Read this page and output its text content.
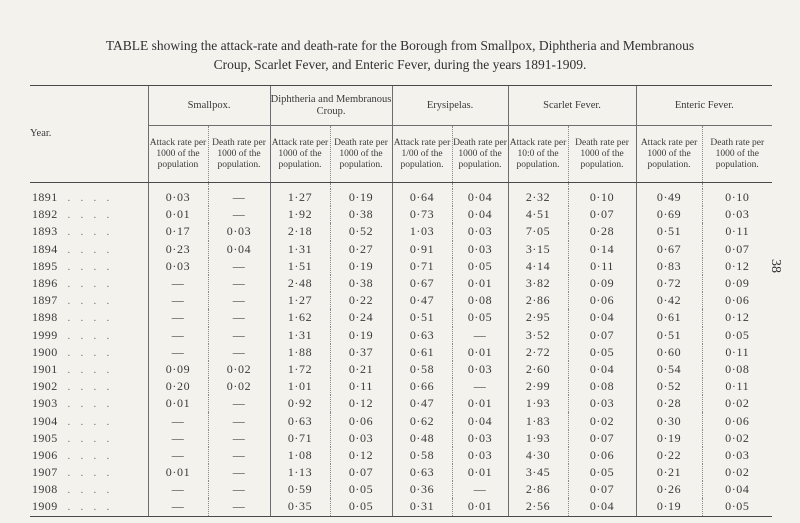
TABLE showing the attack-rate and death-rate for the Borough from Smallpox, Diphtheria and Membranous
Croup, Scarlet Fever, and Enteric Fever, during the years 1891-1909.
38
Year.	Smallpox.		Diphtheria and Membranous Croup.		Erysipelas.		Scarlet Fever.		Enteric Fever.	
	Attack rate per 1000 of the population	Death rate per 1000 of the population.	Attack rate per 1000 of the population.	Death rate per 1000 of the population.	Attack rate per 1/00 of the population.	Death rate per 1000 of the population.	Attack rate per 10:0 of the population.	Death rate per 1000 of the population.	Attack rate per 1000 of the population.	Death rate per 1000 of the population.

1891 . . . .	0·03	—	1·27	0·19	0·64	0·04	2·32	0·10	0·49	0·10
1892 . . . .	0·01	—	1·92	0·38	0·73	0·04	4·51	0·07	0·69	0·03
1893 . . . .	0·17	0·03	2·18	0·52	1·03	0·03	7·05	0·28	0·51	0·11
1894 . . . .	0·23	0·04	1·31	0·27	0·91	0·03	3·15	0·14	0·67	0·07
1895 . . . .	0·03	—	1·51	0·19	0·71	0·05	4·14	0·11	0·83	0·12
1896 . . . .	—	—	2·48	0·38	0·67	0·01	3·82	0·09	0·72	0·09
1897 . . . .	—	—	1·27	0·22	0·47	0·08	2·86	0·06	0·42	0·06
1898 . . . .	—	—	1·62	0·24	0·51	0·05	2·95	0·04	0·61	0·12
1999 . . . .	—	—	1·31	0·19	0·63	—	3·52	0·07	0·51	0·05
1900 . . . .	—	—	1·88	0·37	0·61	0·01	2·72	0·05	0·60	0·11
1901 . . . .	0·09	0·02	1·72	0·21	0·58	0·03	2·60	0·04	0·54	0·08
1902 . . . .	0·20	0·02	1·01	0·11	0·66	—	2·99	0·08	0·52	0·11
1903 . . . .	0·01	—	0·92	0·12	0·47	0·01	1·93	0·03	0·28	0·02
1904 . . . .	—	—	0·63	0·06	0·62	0·04	1·83	0·02	0·30	0·06
1905 . . . .	—	—	0·71	0·03	0·48	0·03	1·93	0·07	0·19	0·02
1906 . . . .	—	—	1·08	0·12	0·58	0·03	4·30	0·06	0·22	0·03
1907 . . . .	0·01	—	1·13	0·07	0·63	0·01	3·45	0·05	0·21	0·02
1908 . . . .	—	—	0·59	0·05	0·36	—	2·86	0·07	0·26	0·04
1909 . . . .	—	—	0·35	0·05	0·31	0·01	2·56	0·04	0·19	0·05
